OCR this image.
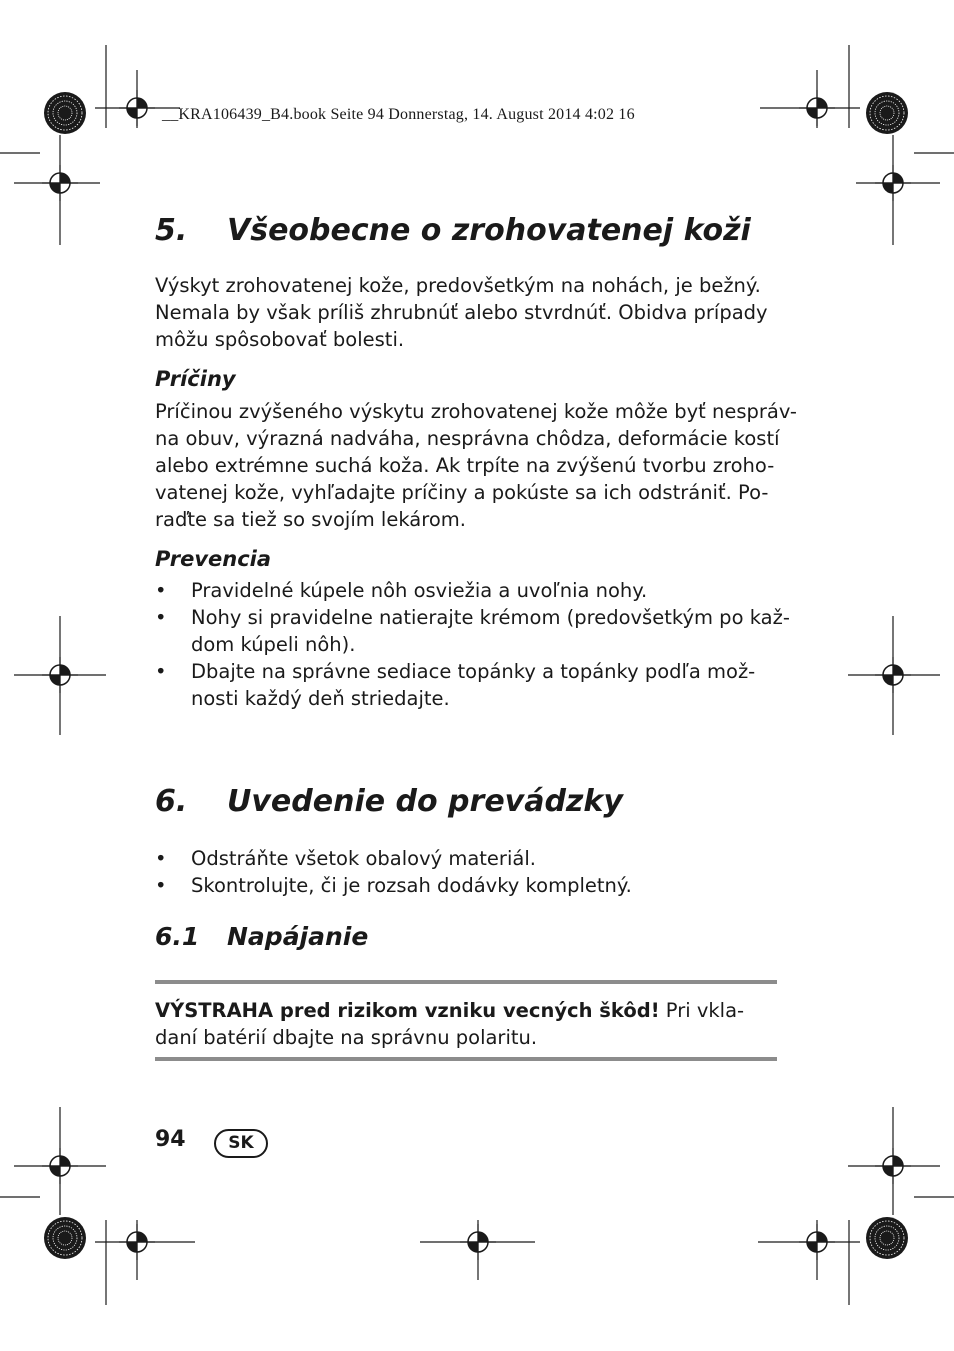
__KRA106439_B4.book Seite 94 Donnerstag, 14. August 2014 4:02 16
5. Všeobecne o zrohovatenej koži
Výskyt zrohovatenej kože, predovšetkým na nohách, je bežný.
Nemala by však príliš zhrubnúť alebo stvrdnúť. Obidva prípady
môžu spôsobovať bolesti.
Príčiny
Príčinou zvýšeného výskytu zrohovatenej kože môže byť nespráv-
na obuv, výrazná nadváha, nesprávna chôdza, deformácie kostí
alebo extrémne suchá koža. Ak trpíte na zvýšenú tvorbu zroho-
vatenej kože, vyhľadajte príčiny a pokúste sa ich odstrániť. Po-
raďte sa tiež so svojím lekárom.
Prevencia
• Pravidelné kúpele nôh osviežia a uvoľnia nohy.
• Nohy si pravidelne natierajte krémom (predovšetkým po kaž-
dom kúpeli nôh).
• Dbajte na správne sediace topánky a topánky podľa mož-
nosti každý deň striedajte.
6. Uvedenie do prevádzky
• Odstráňte všetok obalový materiál.
• Skontrolujte, či je rozsah dodávky kompletný.
6.1 Napájanie
VÝSTRAHA pred rizikom vzniku vecných škôd! Pri vkla-
daní batérií dbajte na správnu polaritu.
94	SK
